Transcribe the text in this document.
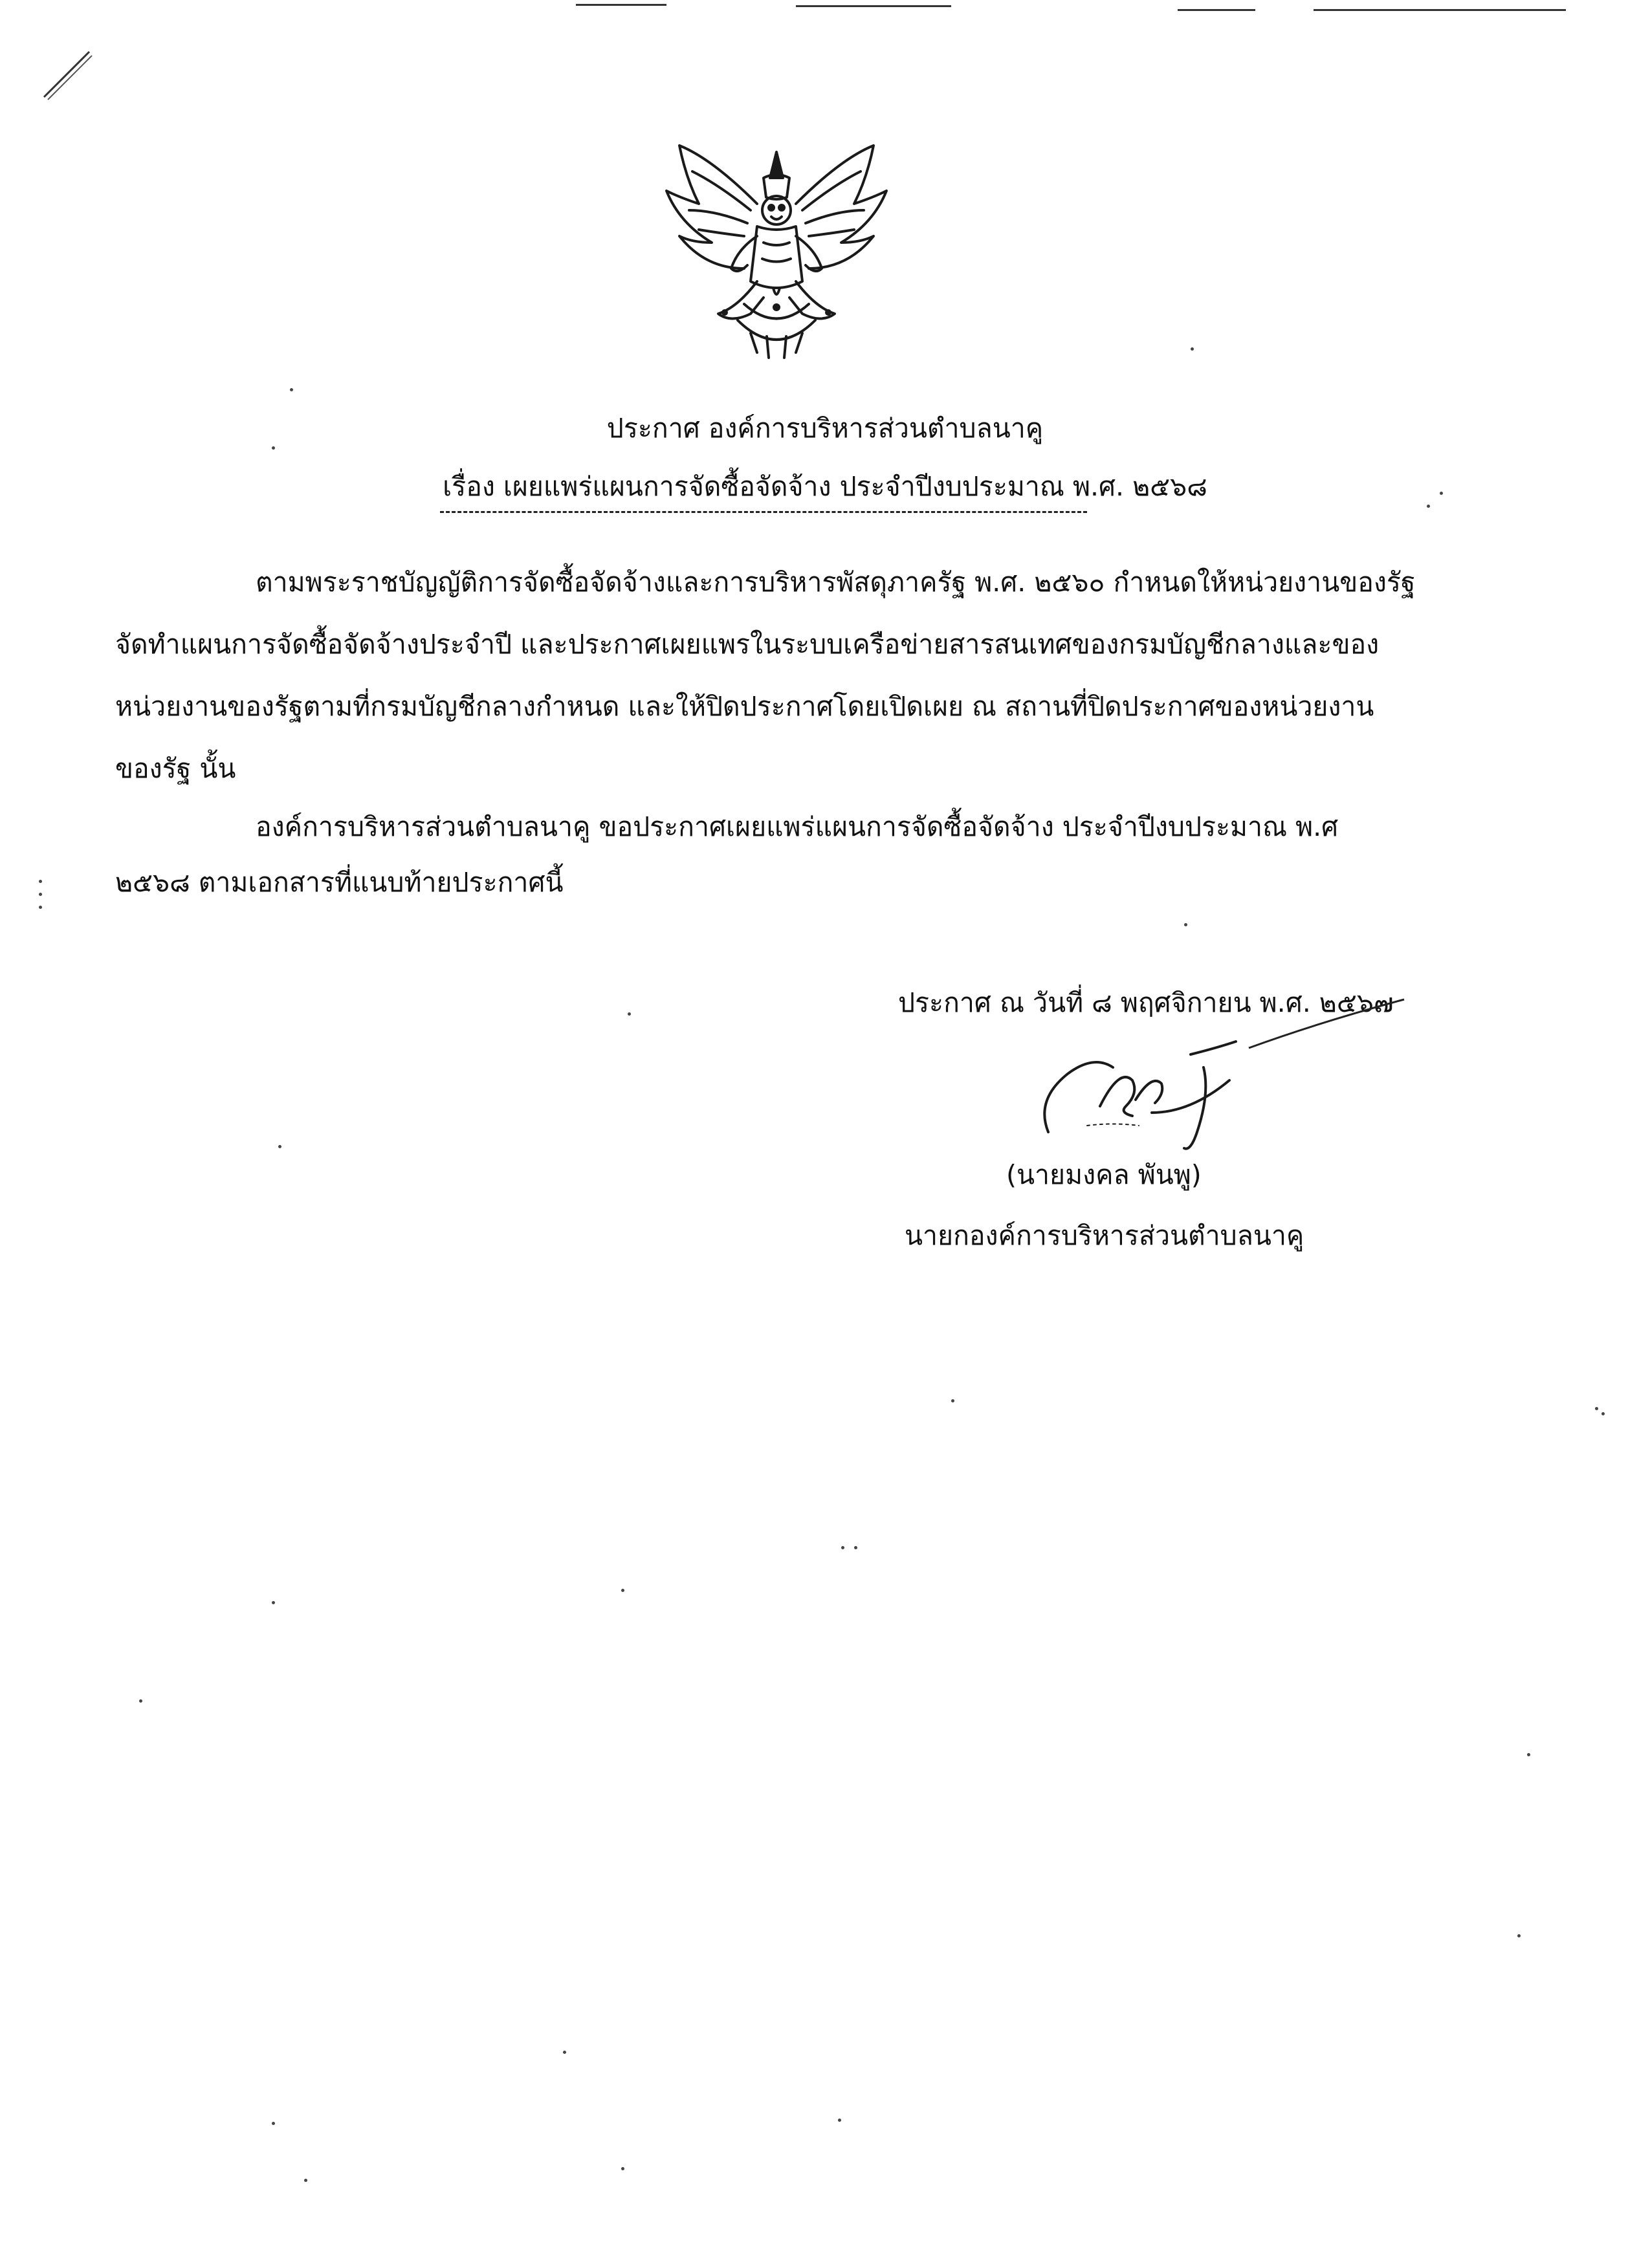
ประกาศ องค์การบริหารส่วนตำบลนาคู
เรื่อง เผยแพร่แผนการจัดซื้อจัดจ้าง ประจำปีงบประมาณ พ.ศ. ๒๕๖๘
ตามพระราชบัญญัติการจัดซื้อจัดจ้างและการบริหารพัสดุภาครัฐ พ.ศ. ๒๕๖๐ กำหนดให้หน่วยงานของรัฐ
จัดทำแผนการจัดซื้อจัดจ้างประจำปี และประกาศเผยแพรในระบบเครือข่ายสารสนเทศของกรมบัญชีกลางและของ
หน่วยงานของรัฐตามที่กรมบัญชีกลางกำหนด และให้ปิดประกาศโดยเปิดเผย ณ สถานที่ปิดประกาศของหน่วยงาน
ของรัฐ นั้น
องค์การบริหารส่วนตำบลนาคู ขอประกาศเผยแพร่แผนการจัดซื้อจัดจ้าง ประจำปีงบประมาณ พ.ศ
๒๕๖๘ ตามเอกสารที่แนบท้ายประกาศนี้
ประกาศ ณ วันที่ ๘ พฤศจิกายน พ.ศ. ๒๕๖๗
(นายมงคล พันพู)
นายกองค์การบริหารส่วนตำบลนาคู
